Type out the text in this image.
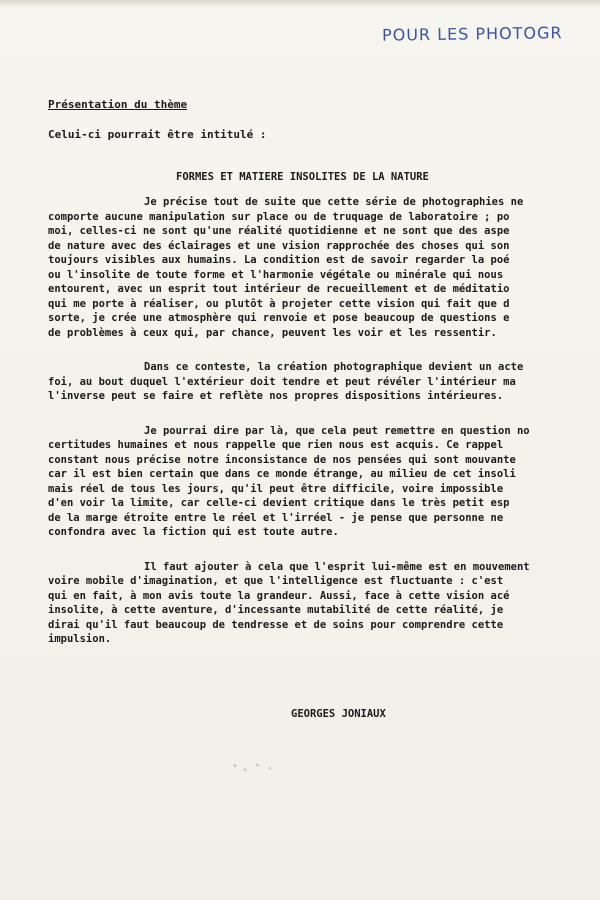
POUR LES PHOTOGR
Présentation du thème
Celui-ci pourrait être intitulé :
FORMES ET MATIERE INSOLITES DE LA NATURE
Je précise tout de suite que cette série de photographies ne
comporte aucune manipulation sur place ou de truquage de laboratoire ; po
moi, celles-ci ne sont qu'une réalité quotidienne et ne sont que des aspe
de nature avec des éclairages et une vision rapprochée des choses qui son
toujours visibles aux humains. La condition est de savoir regarder la poé
ou l'insolite de toute forme et l'harmonie végétale ou minérale qui nous
entourent, avec un esprit tout intérieur de recueillement et de méditatio
qui me porte à réaliser, ou plutôt à projeter cette vision qui fait que d
sorte, je crée une atmosphère qui renvoie et pose beaucoup de questions e
de problèmes à ceux qui, par chance, peuvent les voir et les ressentir.
Dans ce conteste, la création photographique devient un acte
foi, au bout duquel l'extérieur doit tendre et peut révéler l'intérieur ma
l'inverse peut se faire et reflète nos propres dispositions intérieures.
Je pourrai dire par là, que cela peut remettre en question no
certitudes humaines et nous rappelle que rien nous est acquis. Ce rappel
constant nous précise notre inconsistance de nos pensées qui sont mouvante
car il est bien certain que dans ce monde étrange, au milieu de cet insoli
mais réel de tous les jours, qu'il peut être difficile, voire impossible
d'en voir la limite, car celle-ci devient critique dans le très petit esp
de la marge étroite entre le réel et l'irréel - je pense que personne ne
confondra avec la fiction qui est toute autre.
Il faut ajouter à cela que l'esprit lui-même est en mouvement
voire mobile d'imagination, et que l'intelligence est fluctuante : c'est
qui en fait, à mon avis toute la grandeur. Aussi, face à cette vision acé
insolite, à cette aventure, d'incessante mutabilité de cette réalité, je
dirai qu'il faut beaucoup de tendresse et de soins pour comprendre cette
impulsion.
GEORGES JONIAUX
